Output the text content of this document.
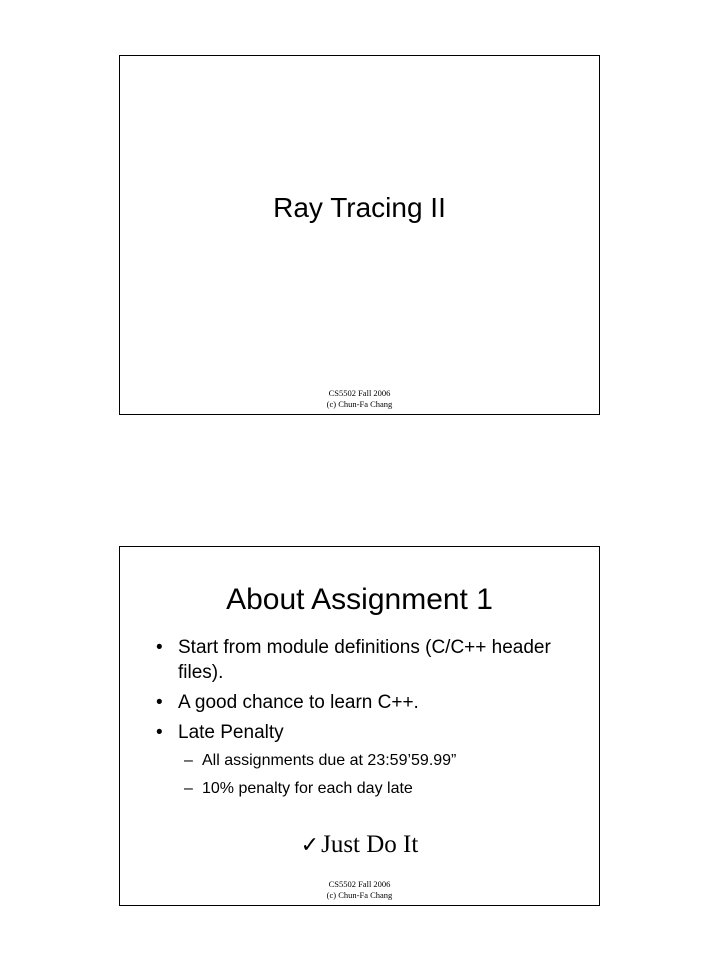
Ray Tracing II
CS5502 Fall 2006
(c) Chun-Fa Chang
About Assignment 1
• Start from module definitions (C/C++ header files).
• A good chance to learn C++.
• Late Penalty
– All assignments due at 23:59’59.99”
– 10% penalty for each day late
✓Just Do It
CS5502 Fall 2006
(c) Chun-Fa Chang
